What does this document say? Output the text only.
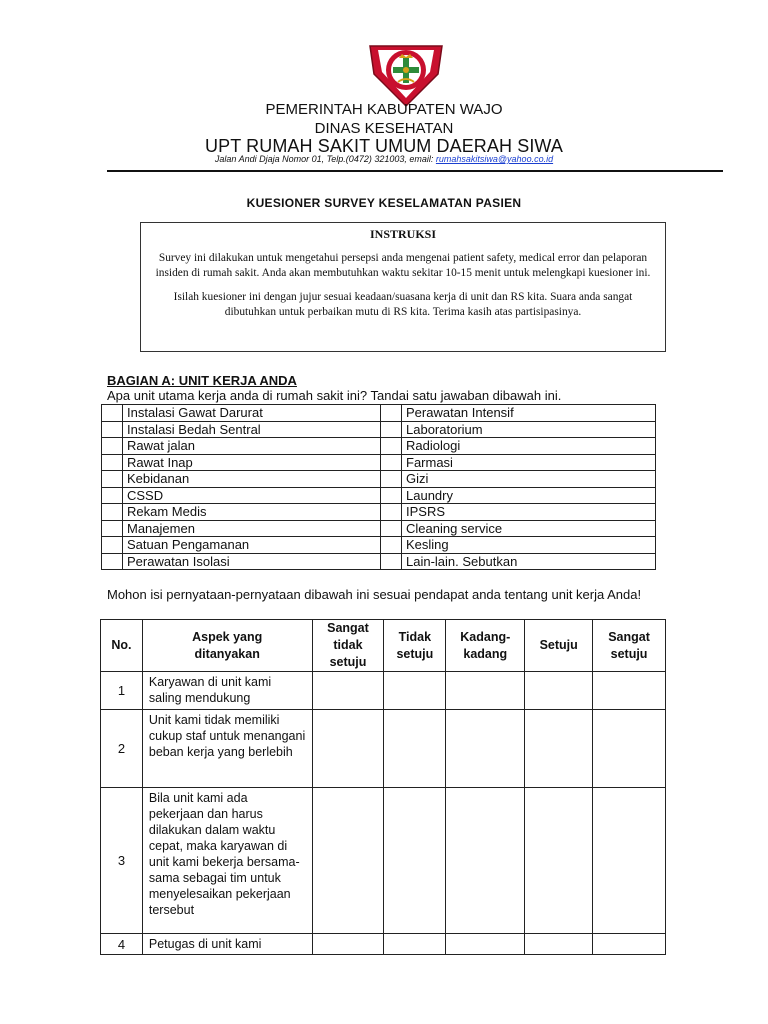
PEMERINTAH KABUPATEN WAJO
DINAS KESEHATAN
UPT RUMAH SAKIT UMUM DAERAH SIWA
Jalan Andi Djaja Nomor 01, Telp.(0472) 321003, email: rumahsakitsiwa@yahoo.co.id
KUESIONER SURVEY KESELAMATAN PASIEN
INSTRUKSI

Survey ini dilakukan untuk mengetahui persepsi anda mengenai patient safety, medical error dan pelaporan insiden di rumah sakit. Anda akan membutuhkan waktu sekitar 10-15 menit untuk melengkapi kuesioner ini.

Isilah kuesioner ini dengan jujur sesuai keadaan/suasana kerja di unit dan RS kita. Suara anda sangat dibutuhkan untuk perbaikan mutu di RS kita. Terima kasih atas partisipasinya.

BAGIAN A: UNIT KERJA ANDA
Apa unit utama kerja anda di rumah sakit ini? Tandai satu jawaban dibawah ini.
	Instalasi Gawat Darurat		Perawatan Intensif
	Instalasi Bedah Sentral		Laboratorium
	Rawat jalan		Radiologi
	Rawat Inap		Farmasi
	Kebidanan		Gizi
	CSSD		Laundry
	Rekam Medis		IPSRS
	Manajemen		Cleaning service
	Satuan Pengamanan		Kesling
	Perawatan Isolasi		Lain-lain. Sebutkan
Mohon isi pernyataan-pernyataan dibawah ini sesuai pendapat anda tentang unit kerja Anda!
No.	Aspek yang ditanyakan	Sangat tidak setuju	Tidak setuju	Kadang-kadang	Setuju	Sangat setuju

1	Karyawan di unit kami saling mendukung					
2	Unit kami tidak memiliki cukup staf untuk menangani beban kerja yang berlebih					
3	Bila unit kami ada pekerjaan dan harus dilakukan dalam waktu cepat, maka karyawan di unit kami bekerja bersama-sama sebagai tim untuk menyelesaikan pekerjaan tersebut					
4	Petugas di unit kami					
